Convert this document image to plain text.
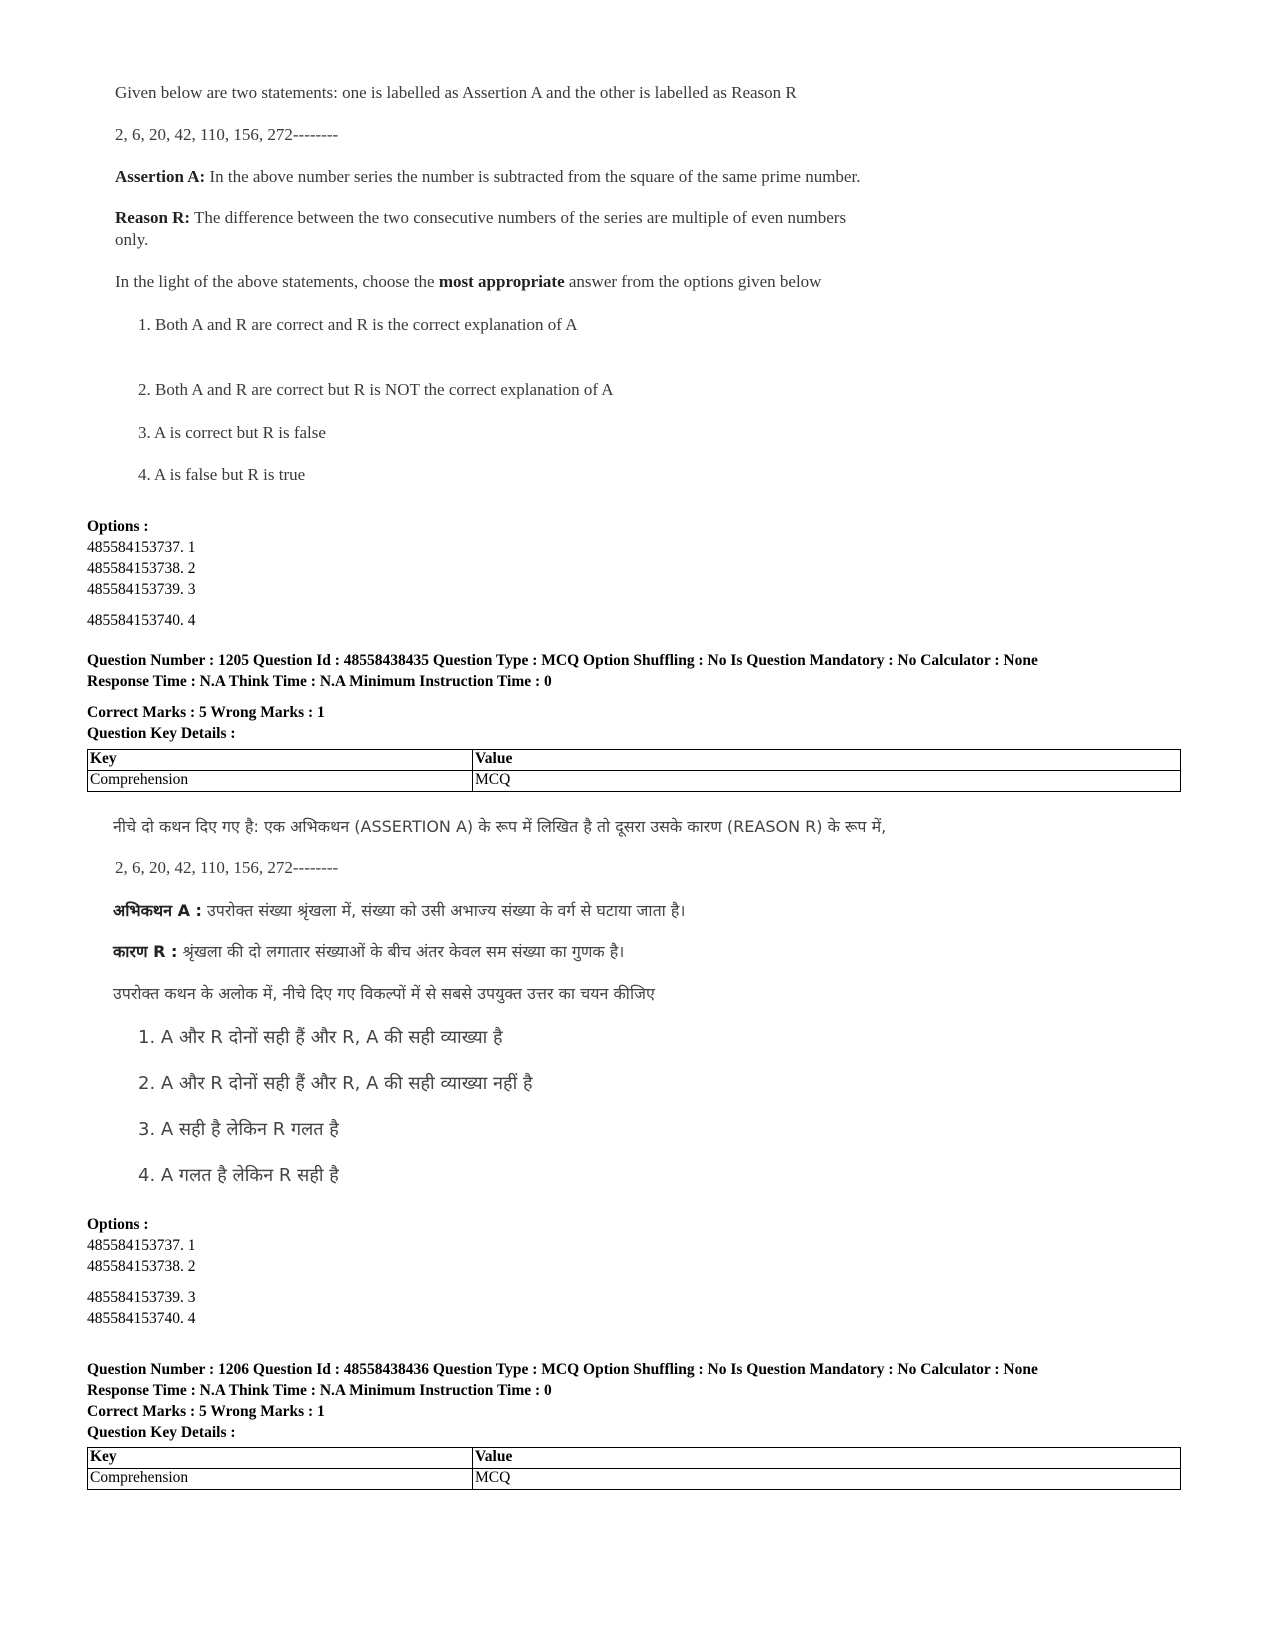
Given below are two statements: one is labelled as Assertion A and the other is labelled as Reason R
2, 6, 20, 42, 110, 156, 272--------
Assertion A: In the above number series the number is subtracted from the square of the same prime number.
Reason R: The difference between the two consecutive numbers of the series are multiple of even numbers
only.
In the light of the above statements, choose the most appropriate answer from the options given below
1. Both A and R are correct and R is the correct explanation of A
2. Both A and R are correct but R is NOT the correct explanation of A
3. A is correct but R is false
4. A is false but R is true
Options :
485584153737. 1
485584153738. 2
485584153739. 3
485584153740. 4
Question Number : 1205 Question Id : 48558438435 Question Type : MCQ Option Shuffling : No Is Question Mandatory : No Calculator : None
Response Time : N.A Think Time : N.A Minimum Instruction Time : 0
Correct Marks : 5 Wrong Marks : 1
Question Key Details :
Key	Value
Comprehension	MCQ
नीचे दो कथन दिए गए है: एक अभिकथन (ASSERTION A) के रूप में लिखित है तो दूसरा उसके कारण (REASON R) के रूप में,
2, 6, 20, 42, 110, 156, 272--------
अभिकथन A : उपरोक्त संख्या श्रृंखला में, संख्या को उसी अभाज्य संख्या के वर्ग से घटाया जाता है।
कारण R : श्रृंखला की दो लगातार संख्याओं के बीच अंतर केवल सम संख्या का गुणक है।
उपरोक्त कथन के अलोक में, नीचे दिए गए विकल्पों में से सबसे उपयुक्त उत्तर का चयन कीजिए
1. A और R दोनों सही हैं और R, A की सही व्याख्या है
2. A और R दोनों सही हैं और R, A की सही व्याख्या नहीं है
3. A सही है लेकिन R गलत है
4. A गलत है लेकिन R सही है
Options :
485584153737. 1
485584153738. 2
485584153739. 3
485584153740. 4
Question Number : 1206 Question Id : 48558438436 Question Type : MCQ Option Shuffling : No Is Question Mandatory : No Calculator : None
Response Time : N.A Think Time : N.A Minimum Instruction Time : 0
Correct Marks : 5 Wrong Marks : 1
Question Key Details :
Key	Value
Comprehension	MCQ
